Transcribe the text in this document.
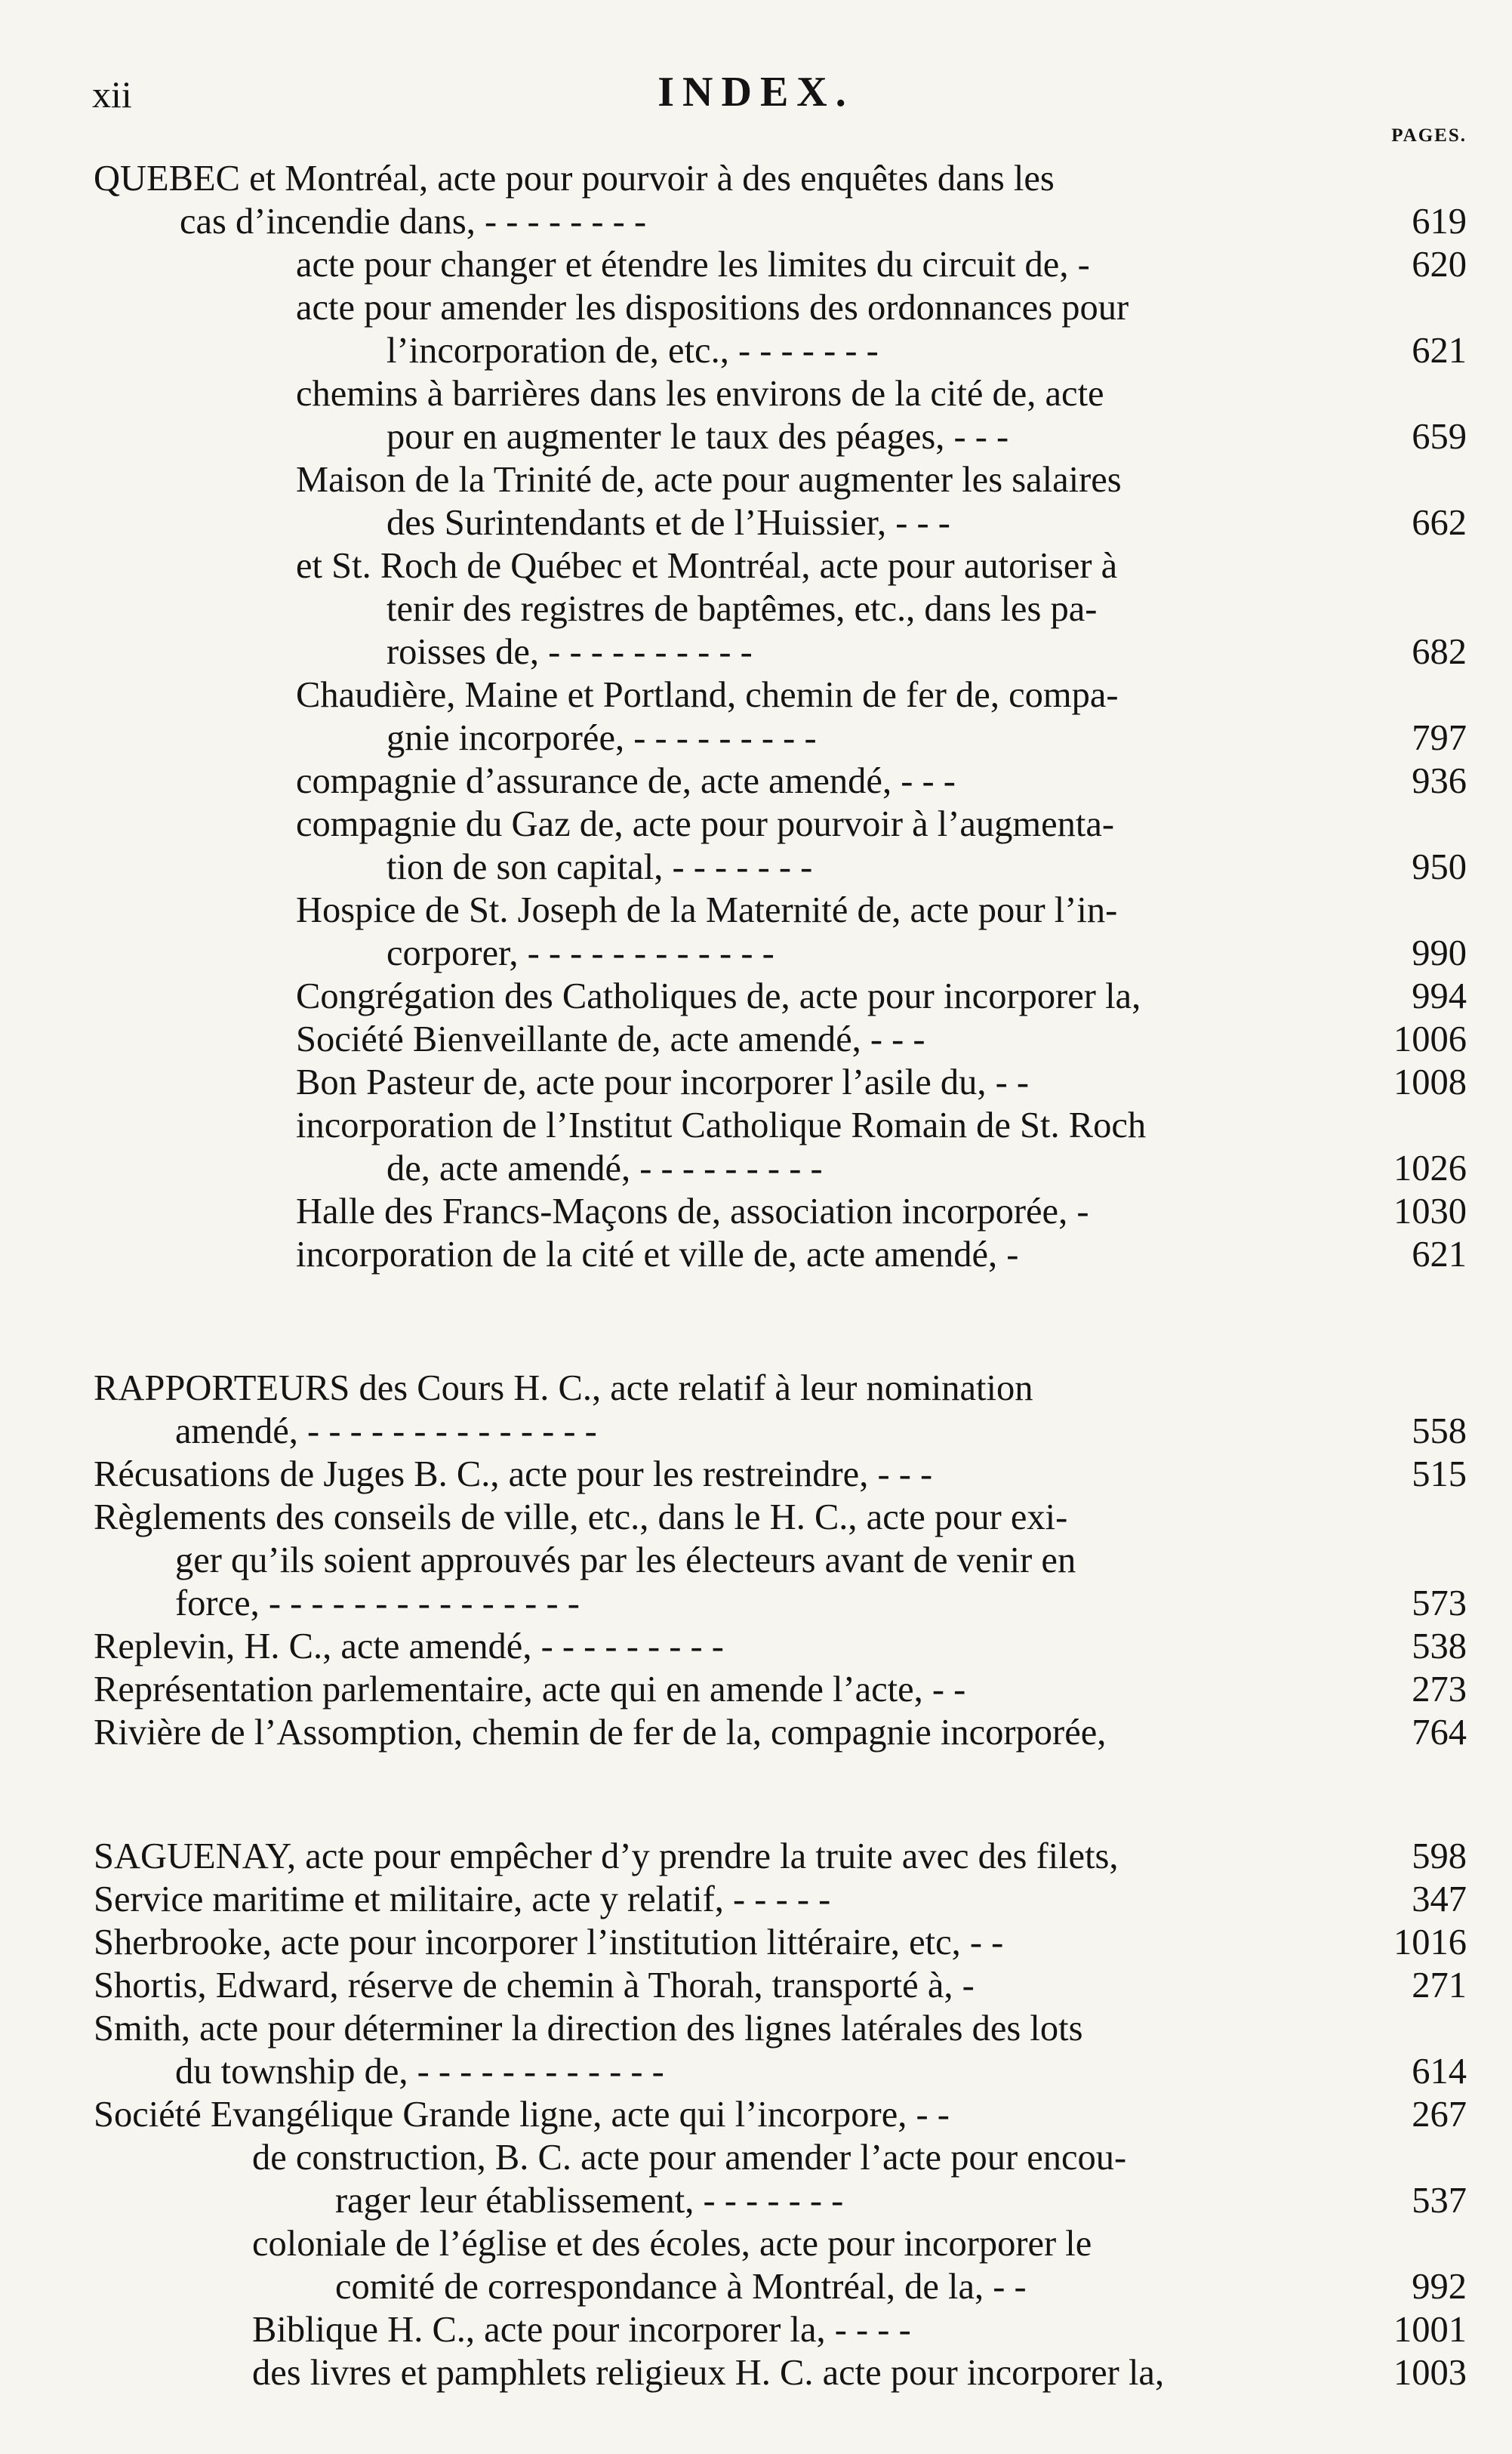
xii	INDEX.
PAGES.
QUEBEC et Montréal, acte pour pourvoir à des enquêtes dans les
cas d’incendie dans, - - - - - - - -	619
acte pour changer et étendre les limites du circuit de, -	620
acte pour amender les dispositions des ordonnances pour
l’incorporation de, etc., - - - - - - -	621
chemins à barrières dans les environs de la cité de, acte
pour en augmenter le taux des péages, - - -	659
Maison de la Trinité de, acte pour augmenter les salaires
des Surintendants et de l’Huissier, - - -	662
et St. Roch de Québec et Montréal, acte pour autoriser à
tenir des registres de baptêmes, etc., dans les pa-
roisses de, - - - - - - - - - -	682
Chaudière, Maine et Portland, chemin de fer de, compa-
gnie incorporée, - - - - - - - - -	797
compagnie d’assurance de, acte amendé, - - -	936
compagnie du Gaz de, acte pour pourvoir à l’augmenta-
tion de son capital, - - - - - - -	950
Hospice de St. Joseph de la Maternité de, acte pour l’in-
corporer, - - - - - - - - - - - -	990
Congrégation des Catholiques de, acte pour incorporer la,	994
Société Bienveillante de, acte amendé, - - -	1006
Bon Pasteur de, acte pour incorporer l’asile du, - -	1008
incorporation de l’Institut Catholique Romain de St. Roch
de, acte amendé, - - - - - - - - -	1026
Halle des Francs-Maçons de, association incorporée, -	1030
incorporation de la cité et ville de, acte amendé, -	621
RAPPORTEURS des Cours H. C., acte relatif à leur nomination
amendé, - - - - - - - - - - - - - -	558
Récusations de Juges B. C., acte pour les restreindre, - - -	515
Règlements des conseils de ville, etc., dans le H. C., acte pour exi-
ger qu’ils soient approuvés par les électeurs avant de venir en
force, - - - - - - - - - - - - - - -	573
Replevin, H. C., acte amendé, - - - - - - - - -	538
Représentation parlementaire, acte qui en amende l’acte, - -	273
Rivière de l’Assomption, chemin de fer de la, compagnie incorporée,	764
SAGUENAY, acte pour empêcher d’y prendre la truite avec des filets,	598
Service maritime et militaire, acte y relatif, - - - - -	347
Sherbrooke, acte pour incorporer l’institution littéraire, etc, - -	1016
Shortis, Edward, réserve de chemin à Thorah, transporté à, -	271
Smith, acte pour déterminer la direction des lignes latérales des lots
du township de, - - - - - - - - - - - -	614
Société Evangélique Grande ligne, acte qui l’incorpore, - -	267
de construction, B. C. acte pour amender l’acte pour encou-
rager leur établissement, - - - - - - -	537
coloniale de l’église et des écoles, acte pour incorporer le
comité de correspondance à Montréal, de la, - -	992
Biblique H. C., acte pour incorporer la, - - - -	1001
des livres et pamphlets religieux H. C. acte pour incorporer la,	1003
